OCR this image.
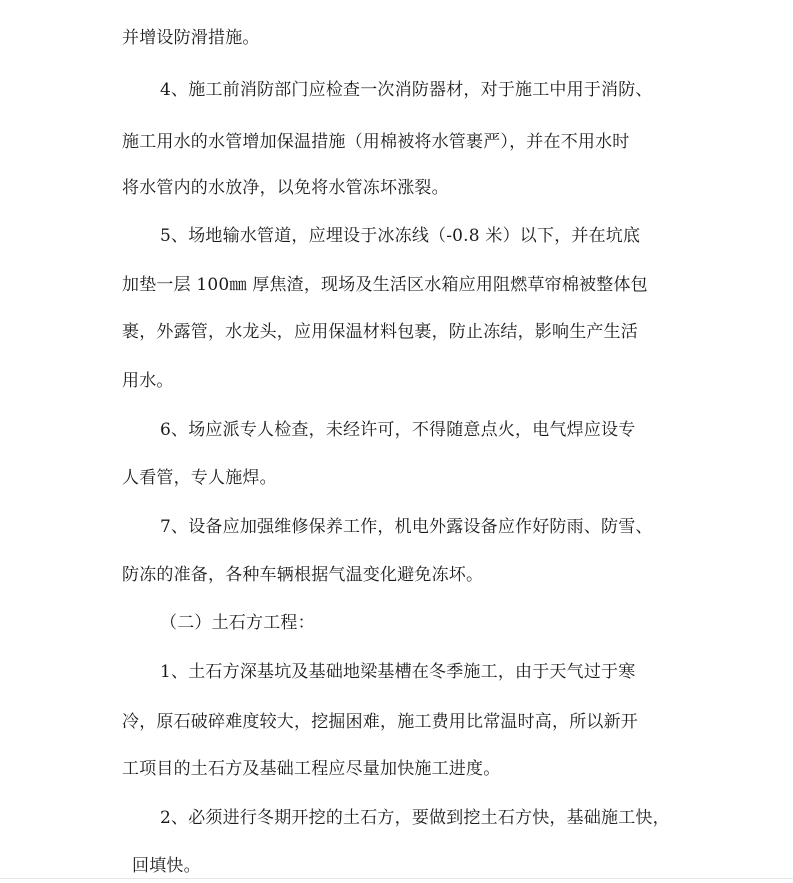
并增设防滑措施。
4、施工前消防部门应检查一次消防器材，对于施工中用于消防、
施工用水的水管增加保温措施（用棉被将水管裹严），并在不用水时
将水管内的水放净，以免将水管冻坏涨裂。
5、场地输水管道，应埋设于冰冻线（-0.8 米）以下，并在坑底
加垫一层 100㎜ 厚焦渣，现场及生活区水箱应用阻燃草帘棉被整体包
裹，外露管，水龙头，应用保温材料包裹，防止冻结，影响生产生活
用水。
6、场应派专人检查，未经许可，不得随意点火，电气焊应设专
人看管，专人施焊。
7、设备应加强维修保养工作，机电外露设备应作好防雨、防雪、
防冻的准备，各种车辆根据气温变化避免冻坏。
（二）土石方工程：
1、土石方深基坑及基础地梁基槽在冬季施工，由于天气过于寒
冷，原石破碎难度较大，挖掘困难，施工费用比常温时高，所以新开
工项目的土石方及基础工程应尽量加快施工进度。
2、必须进行冬期开挖的土石方，要做到挖土石方快，基础施工快，
回填快。
